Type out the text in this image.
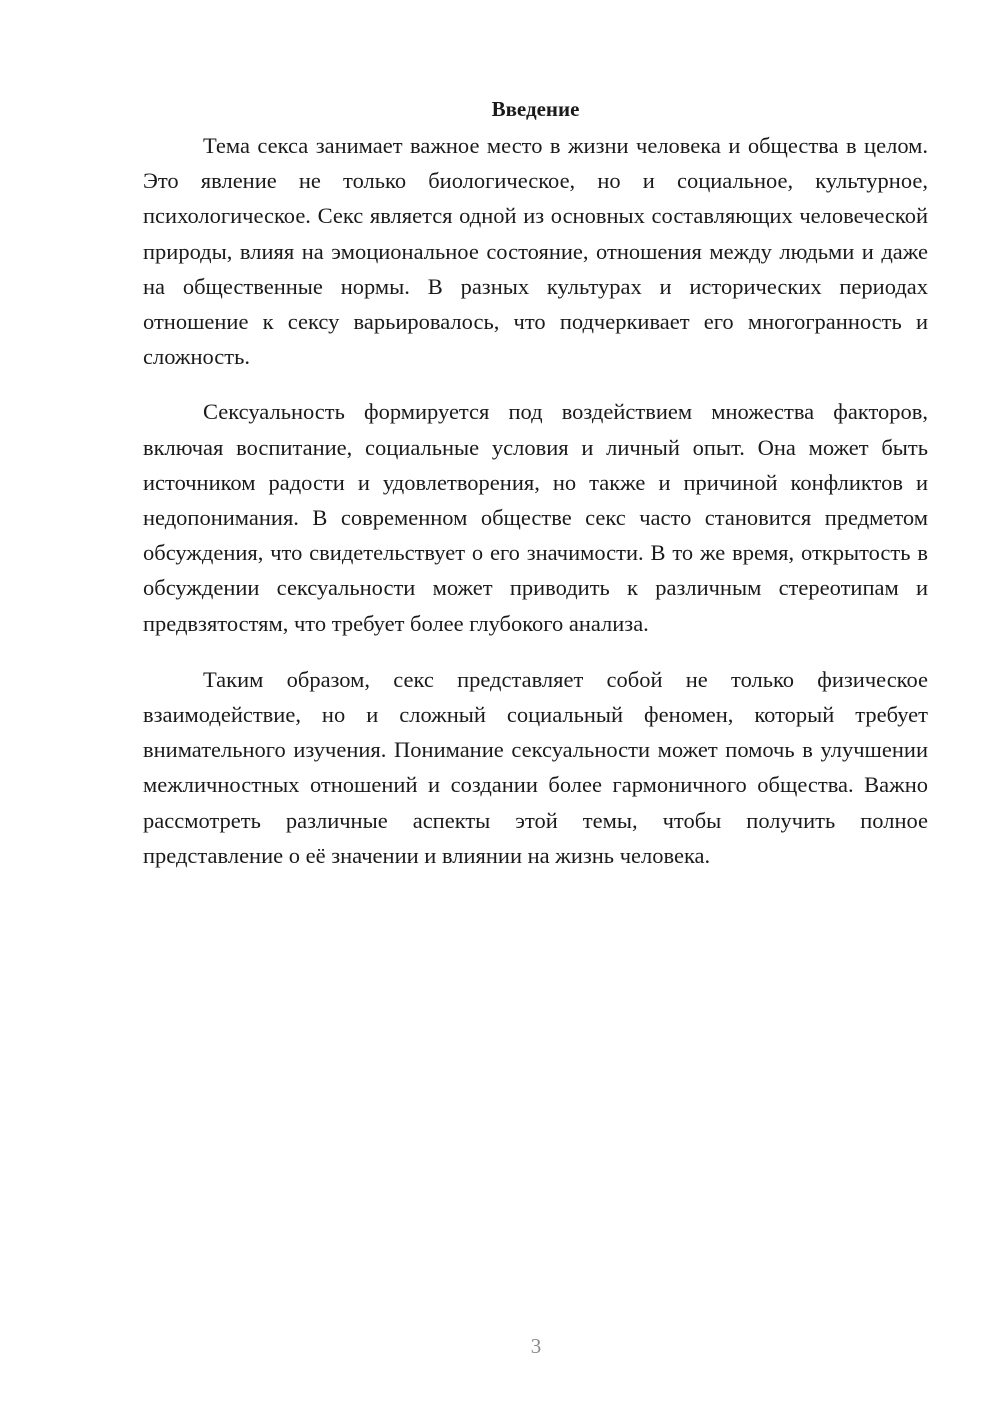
Введение

Тема секса занимает важное место в жизни человека и общества в целом. Это явление не только биологическое, но и социальное, культурное, психологическое. Секс является одной из основных составляющих человеческой природы, влияя на эмоциональное состояние, отношения между людьми и даже на общественные нормы. В разных культурах и исторических периодах отношение к сексу варьировалось, что подчеркивает его многогранность и сложность.

Сексуальность формируется под воздействием множества факторов, включая воспитание, социальные условия и личный опыт. Она может быть источником радости и удовлетворения, но также и причиной конфликтов и недопонимания. В современном обществе секс часто становится предметом обсуждения, что свидетельствует о его значимости. В то же время, открытость в обсуждении сексуальности может приводить к различным стереотипам и предвзятостям, что требует более глубокого анализа.

Таким образом, секс представляет собой не только физическое взаимодействие, но и сложный социальный феномен, который требует внимательного изучения. Понимание сексуальности может помочь в улучшении межличностных отношений и создании более гармоничного общества. Важно рассмотреть различные аспекты этой темы, чтобы получить полное представление о её значении и влиянии на жизнь человека.

3
